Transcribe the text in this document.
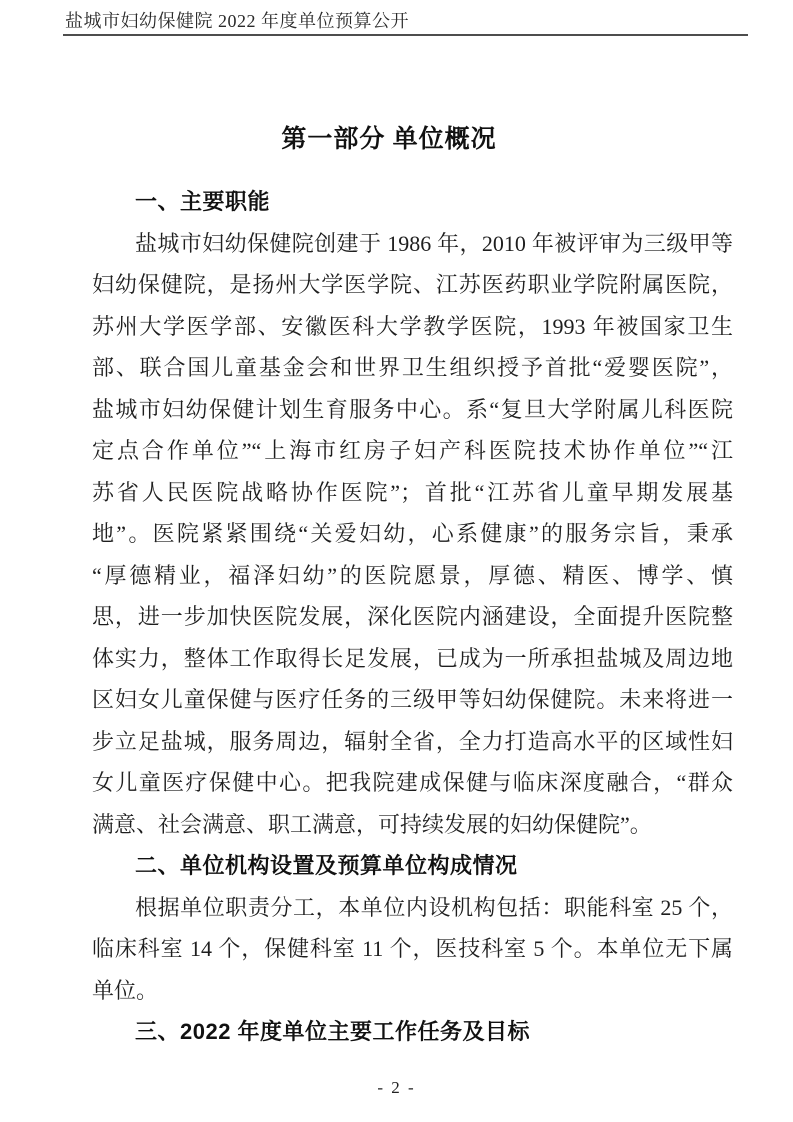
盐城市妇幼保健院 2022 年度单位预算公开
第一部分 单位概况
一、主要职能
盐城市妇幼保健院创建于 1986 年，2010 年被评审为三级甲等
妇幼保健院，是扬州大学医学院、江苏医药职业学院附属医院，
苏州大学医学部、安徽医科大学教学医院，1993 年被国家卫生
部、联合国儿童基金会和世界卫生组织授予首批“爱婴医院”，
盐城市妇幼保健计划生育服务中心。系“复旦大学附属儿科医院
定点合作单位”“上海市红房子妇产科医院技术协作单位”“江
苏省人民医院战略协作医院”；首批“江苏省儿童早期发展基
地”。医院紧紧围绕“关爱妇幼，心系健康”的服务宗旨，秉承
“厚德精业，福泽妇幼”的医院愿景，厚德、精医、博学、慎
思，进一步加快医院发展，深化医院内涵建设，全面提升医院整
体实力，整体工作取得长足发展，已成为一所承担盐城及周边地
区妇女儿童保健与医疗任务的三级甲等妇幼保健院。未来将进一
步立足盐城，服务周边，辐射全省，全力打造高水平的区域性妇
女儿童医疗保健中心。把我院建成保健与临床深度融合，“群众
满意、社会满意、职工满意，可持续发展的妇幼保健院”。
二、单位机构设置及预算单位构成情况
根据单位职责分工，本单位内设机构包括：职能科室 25 个，
临床科室 14 个，保健科室 11 个，医技科室 5 个。本单位无下属
单位。
三、2022 年度单位主要工作任务及目标
- 2 -
